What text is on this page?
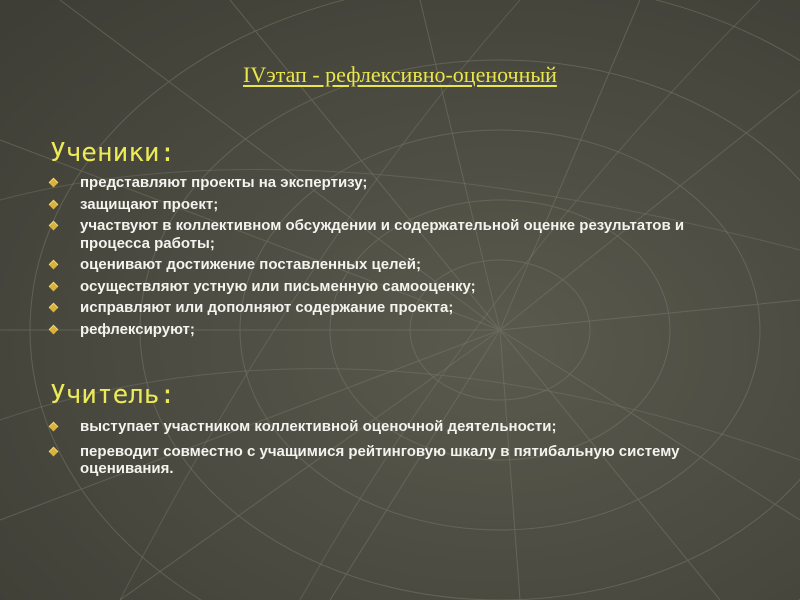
IVэтап - рефлексивно-оценочный
Ученики:
представляют проекты на экспертизу;
защищают проект;
участвуют в коллективном обсуждении и содержательной оценке результатов и процесса работы;
оценивают достижение поставленных целей;
осуществляют устную или письменную самооценку;
исправляют или дополняют содержание проекта;
рефлексируют;
Учитель:
выступает участником коллективной оценочной деятельности;
переводит совместно с учащимися рейтинговую шкалу в пятибальную систему оценивания.
